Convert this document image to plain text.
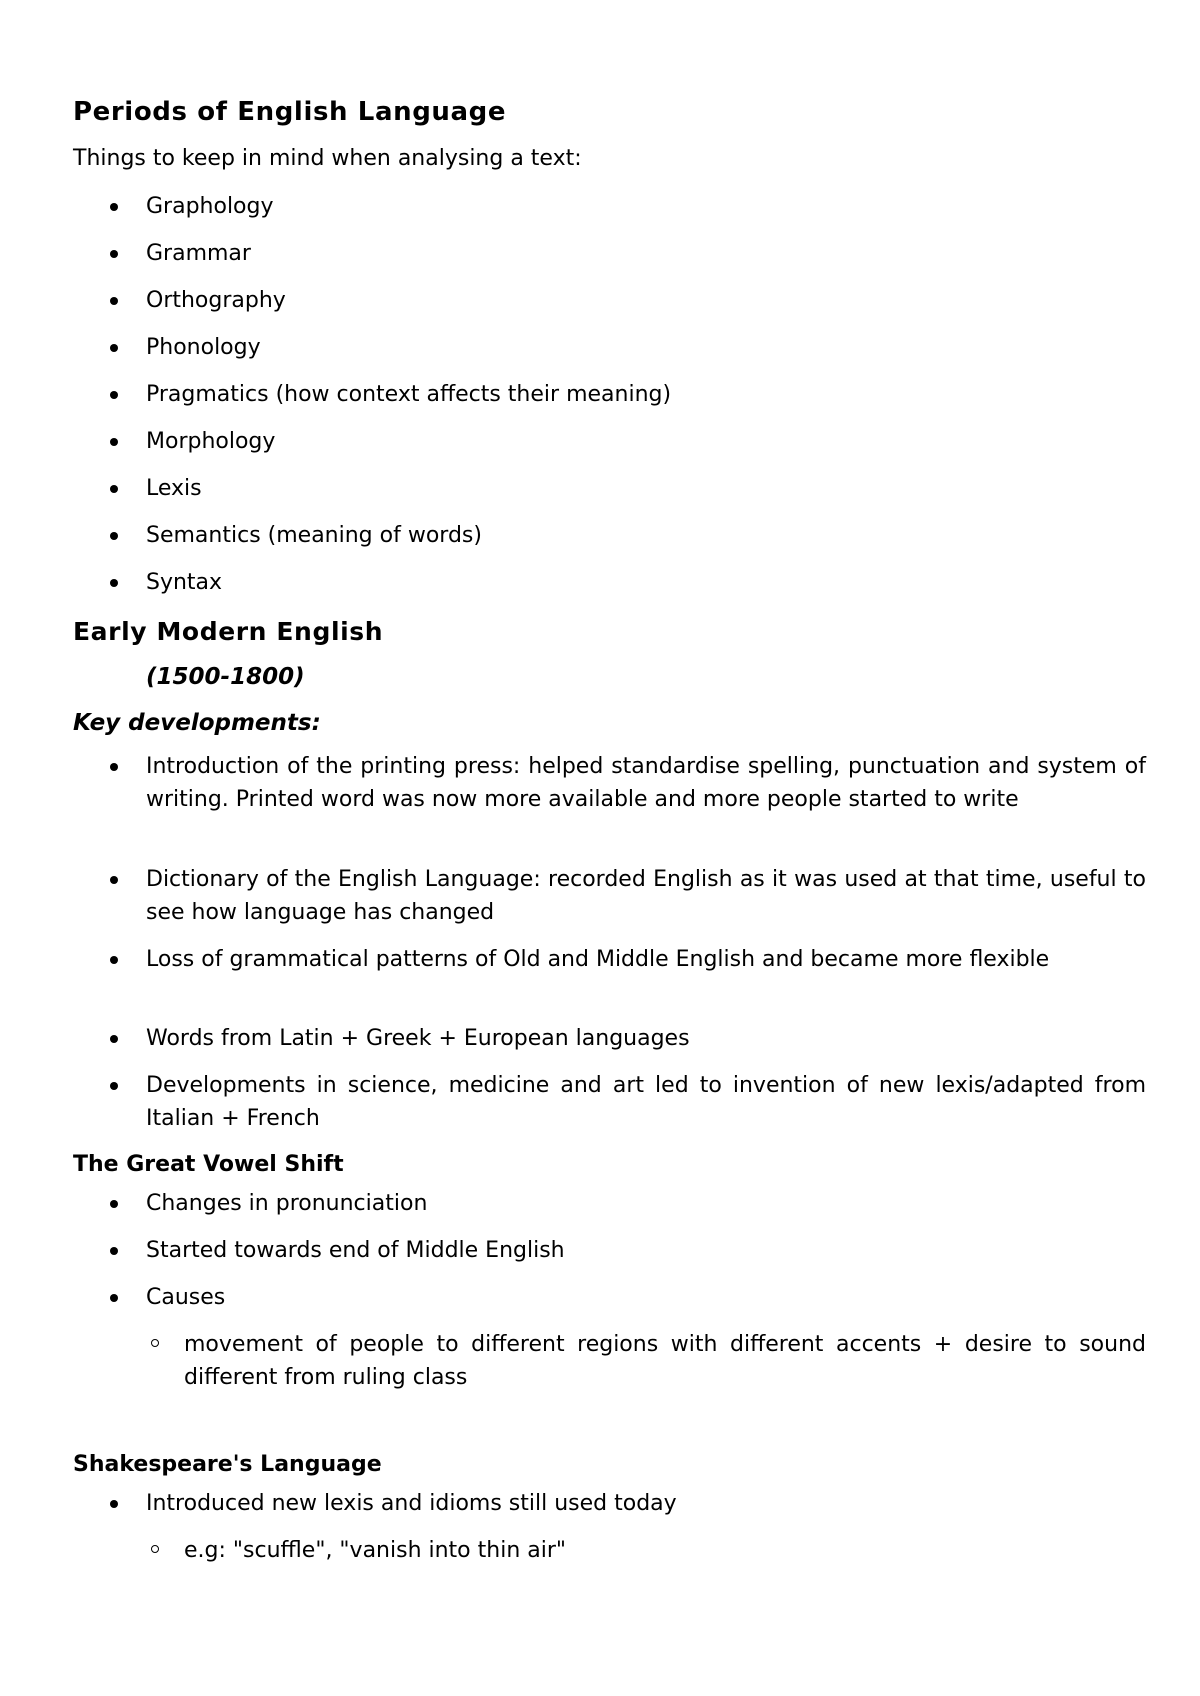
Periods of English Language

Things to keep in mind when analysing a text:

Graphology

Grammar

Orthography

Phonology

Pragmatics (how context affects their meaning)

Morphology

Lexis

Semantics (meaning of words)

Syntax

Early Modern English

(1500-1800)

Key developments:

Introduction of the printing press: helped standardise spelling, punctuation and system of writing. Printed word was now more available and more people started to write

Dictionary of the English Language: recorded English as it was used at that time, useful to see how language has changed

Loss of grammatical patterns of Old and Middle English and became more flexible

Words from Latin + Greek + European languages

Developments in science, medicine and art led to invention of new lexis/adapted from Italian + French

The Great Vowel Shift

Changes in pronunciation

Started towards end of Middle English

Causes

movement of people to different regions with different accents + desire to sound different from ruling class

Shakespeare's Language

Introduced new lexis and idioms still used today

e.g: "scuffle", "vanish into thin air"
